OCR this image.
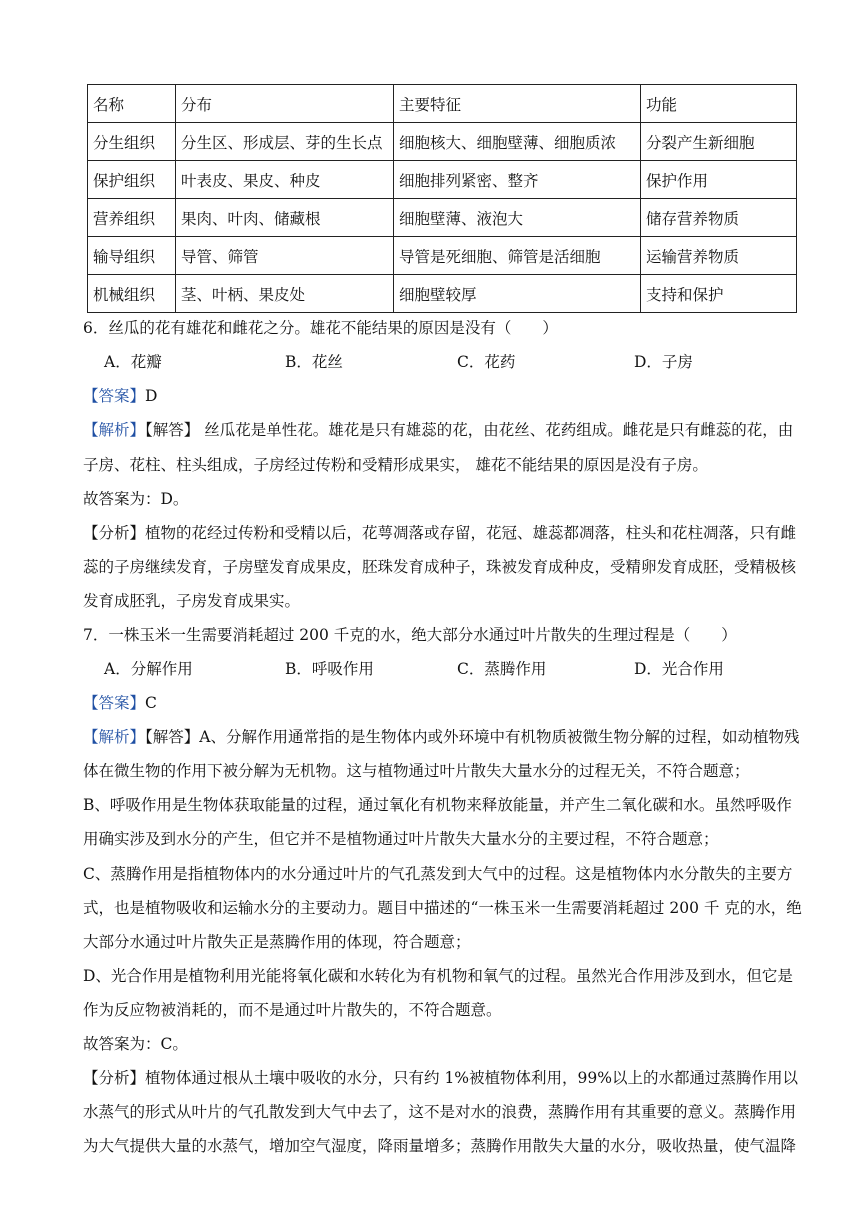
名称	分布	主要特征	功能
分生组织	分生区、形成层、芽的生长点	细胞核大、细胞壁薄、细胞质浓	分裂产生新细胞
保护组织	叶表皮、果皮、种皮	细胞排列紧密、整齐	保护作用
营养组织	果肉、叶肉、储藏根	细胞壁薄、液泡大	储存营养物质
输导组织	导管、筛管	导管是死细胞、筛管是活细胞	运输营养物质
机械组织	茎、叶柄、果皮处	细胞壁较厚	支持和保护
6．丝瓜的花有雄花和雌花之分。雄花不能结果的原因是没有（　　）
A．花瓣	B．花丝	C．花药	D．子房
【答案】D
【解析】【解答】 丝瓜花是单性花。雄花是只有雄蕊的花，由花丝、花药组成。雌花是只有雌蕊的花，由
子房、花柱、柱头组成，子房经过传粉和受精形成果实， 雄花不能结果的原因是没有子房。
故答案为：D。
【分析】植物的花经过传粉和受精以后，花萼凋落或存留，花冠、雄蕊都凋落，柱头和花柱凋落，只有雌
蕊的子房继续发育，子房壁发育成果皮，胚珠发育成种子，珠被发育成种皮，受精卵发育成胚，受精极核
发育成胚乳，子房发育成果实。
7．一株玉米一生需要消耗超过 200 千克的水，绝大部分水通过叶片散失的生理过程是（　　）
A．分解作用	B．呼吸作用	C．蒸腾作用	D．光合作用
【答案】C
【解析】【解答】A、分解作用通常指的是生物体内或外环境中有机物质被微生物分解的过程，如动植物残
体在微生物的作用下被分解为无机物。这与植物通过叶片散失大量水分的过程无关，不符合题意；
B、呼吸作用是生物体获取能量的过程，通过氧化有机物来释放能量，并产生二氧化碳和水。虽然呼吸作
用确实涉及到水分的产生，但它并不是植物通过叶片散失大量水分的主要过程，不符合题意；
C、蒸腾作用是指植物体内的水分通过叶片的气孔蒸发到大气中的过程。这是植物体内水分散失的主要方
式，也是植物吸收和运输水分的主要动力。题目中描述的“一株玉米一生需要消耗超过 200 千 克的水，绝
大部分水通过叶片散失正是蒸腾作用的体现，符合题意；
D、光合作用是植物利用光能将氧化碳和水转化为有机物和氧气的过程。虽然光合作用涉及到水，但它是
作为反应物被消耗的，而不是通过叶片散失的，不符合题意。
故答案为：C。
【分析】植物体通过根从土壤中吸收的水分，只有约 1%被植物体利用，99%以上的水都通过蒸腾作用以
水蒸气的形式从叶片的气孔散发到大气中去了，这不是对水的浪费，蒸腾作用有其重要的意义。蒸腾作用
为大气提供大量的水蒸气，增加空气湿度，降雨量增多；蒸腾作用散失大量的水分，吸收热量，使气温降
